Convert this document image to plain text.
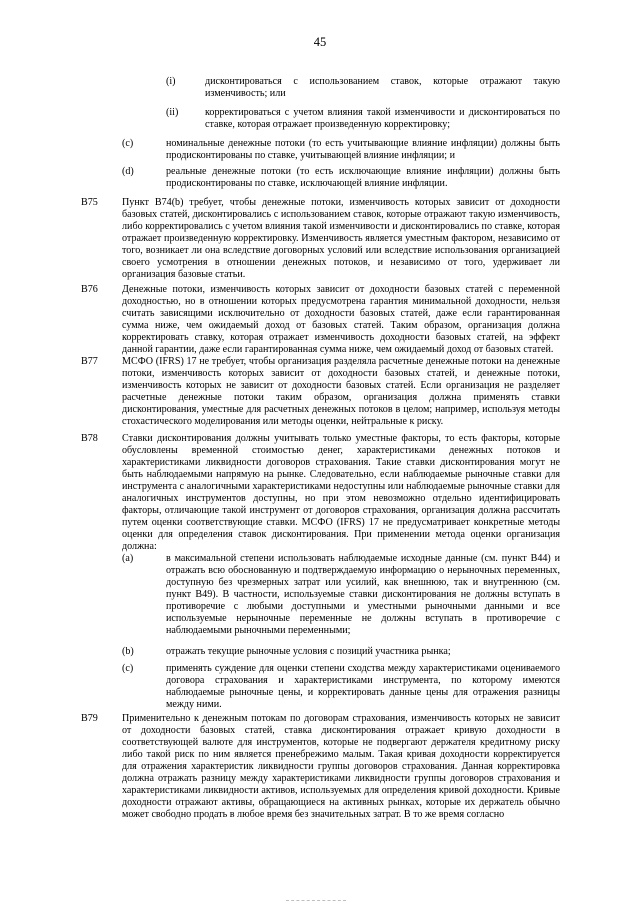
45
(i)	дисконтироваться с использованием ставок, которые отражают такую изменчивость; или
(ii)	корректироваться с учетом влияния такой изменчивости и дисконтироваться по ставке, которая отражает произведенную корректировку;
(c)	номинальные денежные потоки (то есть учитывающие влияние инфляции) должны быть продисконтированы по ставке, учитывающей влияние инфляции; и
(d)	реальные денежные потоки (то есть исключающие влияние инфляции) должны быть продисконтированы по ставке, исключающей влияние инфляции.
B75 Пункт B74(b) требует, чтобы денежные потоки, изменчивость которых зависит от доходности базовых статей, дисконтировались с использованием ставок, которые отражают такую изменчивость, либо корректировались с учетом влияния такой изменчивости и дисконтировались по ставке, которая отражает произведенную корректировку. Изменчивость является уместным фактором, независимо от того, возникает ли она вследствие договорных условий или вследствие использования организацией своего усмотрения в отношении денежных потоков, и независимо от того, удерживает ли организация базовые статьи.
B76 Денежные потоки, изменчивость которых зависит от доходности базовых статей с переменной доходностью, но в отношении которых предусмотрена гарантия минимальной доходности, нельзя считать зависящими исключительно от доходности базовых статей, даже если гарантированная сумма ниже, чем ожидаемый доход от базовых статей. Таким образом, организация должна корректировать ставку, которая отражает изменчивость доходности базовых статей, на эффект данной гарантии, даже если гарантированная сумма ниже, чем ожидаемый доход от базовых статей.
B77 МСФО (IFRS) 17 не требует, чтобы организация разделяла расчетные денежные потоки на денежные потоки, изменчивость которых зависит от доходности базовых статей, и денежные потоки, изменчивость которых не зависит от доходности базовых статей. Если организация не разделяет расчетные денежные потоки таким образом, организация должна применять ставки дисконтирования, уместные для расчетных денежных потоков в целом; например, используя методы стохастического моделирования или методы оценки, нейтральные к риску.
B78 Ставки дисконтирования должны учитывать только уместные факторы, то есть факторы, которые обусловлены временной стоимостью денег, характеристиками денежных потоков и характеристиками ликвидности договоров страхования. Такие ставки дисконтирования могут не быть наблюдаемыми напрямую на рынке. Следовательно, если наблюдаемые рыночные ставки для инструмента с аналогичными характеристиками недоступны или наблюдаемые рыночные ставки для аналогичных инструментов доступны, но при этом невозможно отдельно идентифицировать факторы, отличающие такой инструмент от договоров страхования, организация должна рассчитать путем оценки соответствующие ставки. МСФО (IFRS) 17 не предусматривает конкретные методы оценки для определения ставок дисконтирования. При применении метода оценки организация должна:
(a)	в максимальной степени использовать наблюдаемые исходные данные (см. пункт B44) и отражать всю обоснованную и подтверждаемую информацию о нерыночных переменных, доступную без чрезмерных затрат или усилий, как внешнюю, так и внутреннюю (см. пункт B49). В частности, используемые ставки дисконтирования не должны вступать в противоречие с любыми доступными и уместными рыночными данными и все используемые нерыночные переменные не должны вступать в противоречие с наблюдаемыми рыночными переменными;
(b)	отражать текущие рыночные условия с позиций участника рынка;
(c)	применять суждение для оценки степени сходства между характеристиками оцениваемого договора страхования и характеристиками инструмента, по которому имеются наблюдаемые рыночные цены, и корректировать данные цены для отражения разницы между ними.
B79 Применительно к денежным потокам по договорам страхования, изменчивость которых не зависит от доходности базовых статей, ставка дисконтирования отражает кривую доходности в соответствующей валюте для инструментов, которые не подвергают держателя кредитному риску либо такой риск по ним является пренебрежимо малым. Такая кривая доходности корректируется для отражения характеристик ликвидности группы договоров страхования. Данная корректировка должна отражать разницу между характеристиками ликвидности группы договоров страхования и характеристиками ликвидности активов, используемых для определения кривой доходности. Кривые доходности отражают активы, обращающиеся на активных рынках, которые их держатель обычно может свободно продать в любое время без значительных затрат. В то же время согласно
